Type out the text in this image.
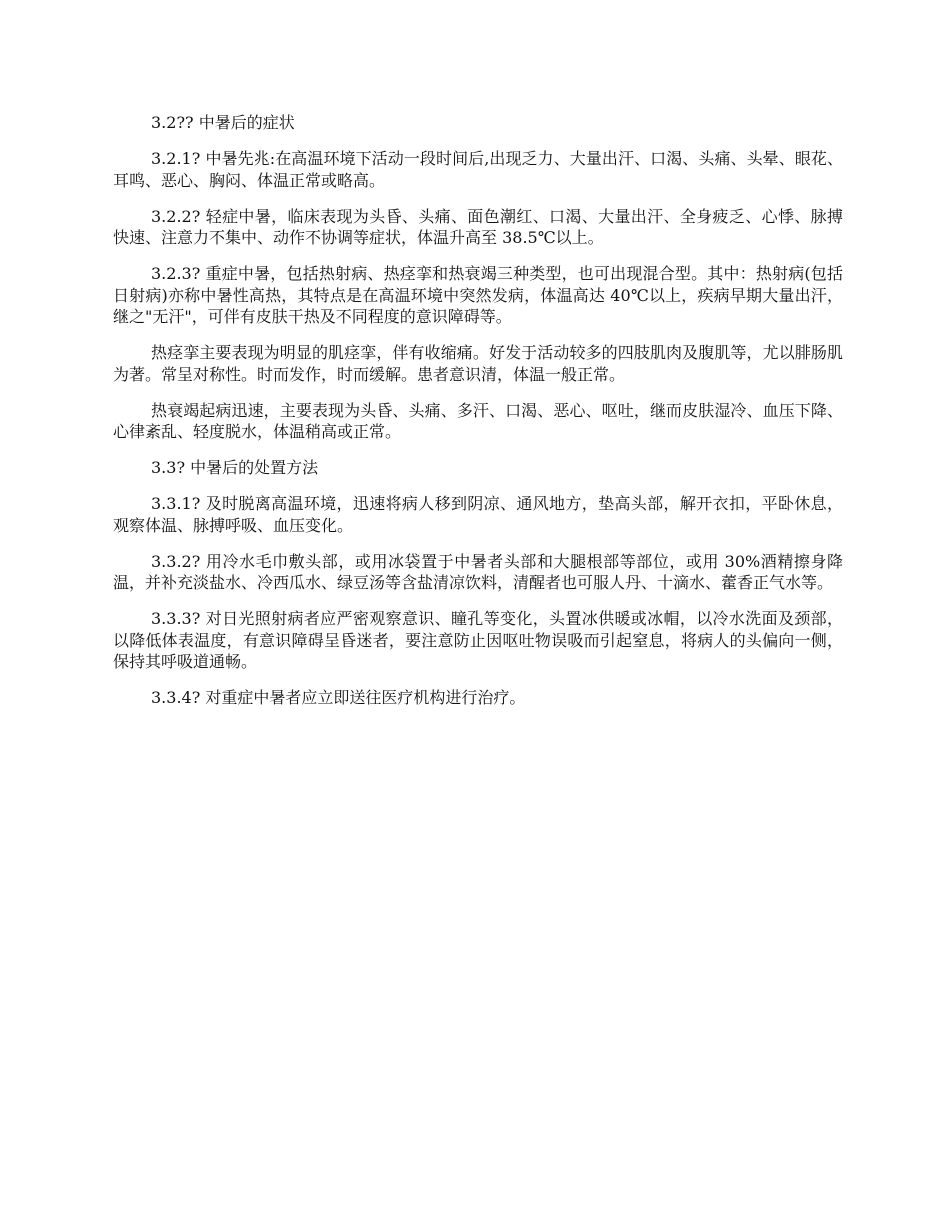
3.2?? 中暑后的症状

3.2.1? 中暑先兆:在高温环境下活动一段时间后,出现乏力、大量出汗、口渴、头痛、头晕、眼花、耳鸣、恶心、胸闷、体温正常或略高。

3.2.2? 轻症中暑，临床表现为头昏、头痛、面色潮红、口渴、大量出汗、全身疲乏、心悸、脉搏快速、注意力不集中、动作不协调等症状，体温升高至 38.5℃以上。

3.2.3? 重症中暑，包括热射病、热痉挛和热衰竭三种类型，也可出现混合型。其中：热射病(包括日射病)亦称中暑性高热，其特点是在高温环境中突然发病，体温高达 40℃以上，疾病早期大量出汗，继之"无汗"，可伴有皮肤干热及不同程度的意识障碍等。

热痉挛主要表现为明显的肌痉挛，伴有收缩痛。好发于活动较多的四肢肌肉及腹肌等，尤以腓肠肌为著。常呈对称性。时而发作，时而缓解。患者意识清，体温一般正常。

热衰竭起病迅速，主要表现为头昏、头痛、多汗、口渴、恶心、呕吐，继而皮肤湿冷、血压下降、心律紊乱、轻度脱水，体温稍高或正常。

3.3? 中暑后的处置方法

3.3.1? 及时脱离高温环境，迅速将病人移到阴凉、通风地方，垫高头部，解开衣扣，平卧休息，观察体温、脉搏呼吸、血压变化。

3.3.2? 用冷水毛巾敷头部，或用冰袋置于中暑者头部和大腿根部等部位，或用 30%酒精擦身降温，并补充淡盐水、冷西瓜水、绿豆汤等含盐清凉饮料，清醒者也可服人丹、十滴水、藿香正气水等。

3.3.3? 对日光照射病者应严密观察意识、瞳孔等变化，头置冰供暖或冰帽，以冷水洗面及颈部，以降低体表温度，有意识障碍呈昏迷者，要注意防止因呕吐物误吸而引起窒息，将病人的头偏向一侧，保持其呼吸道通畅。

3.3.4? 对重症中暑者应立即送往医疗机构进行治疗。
